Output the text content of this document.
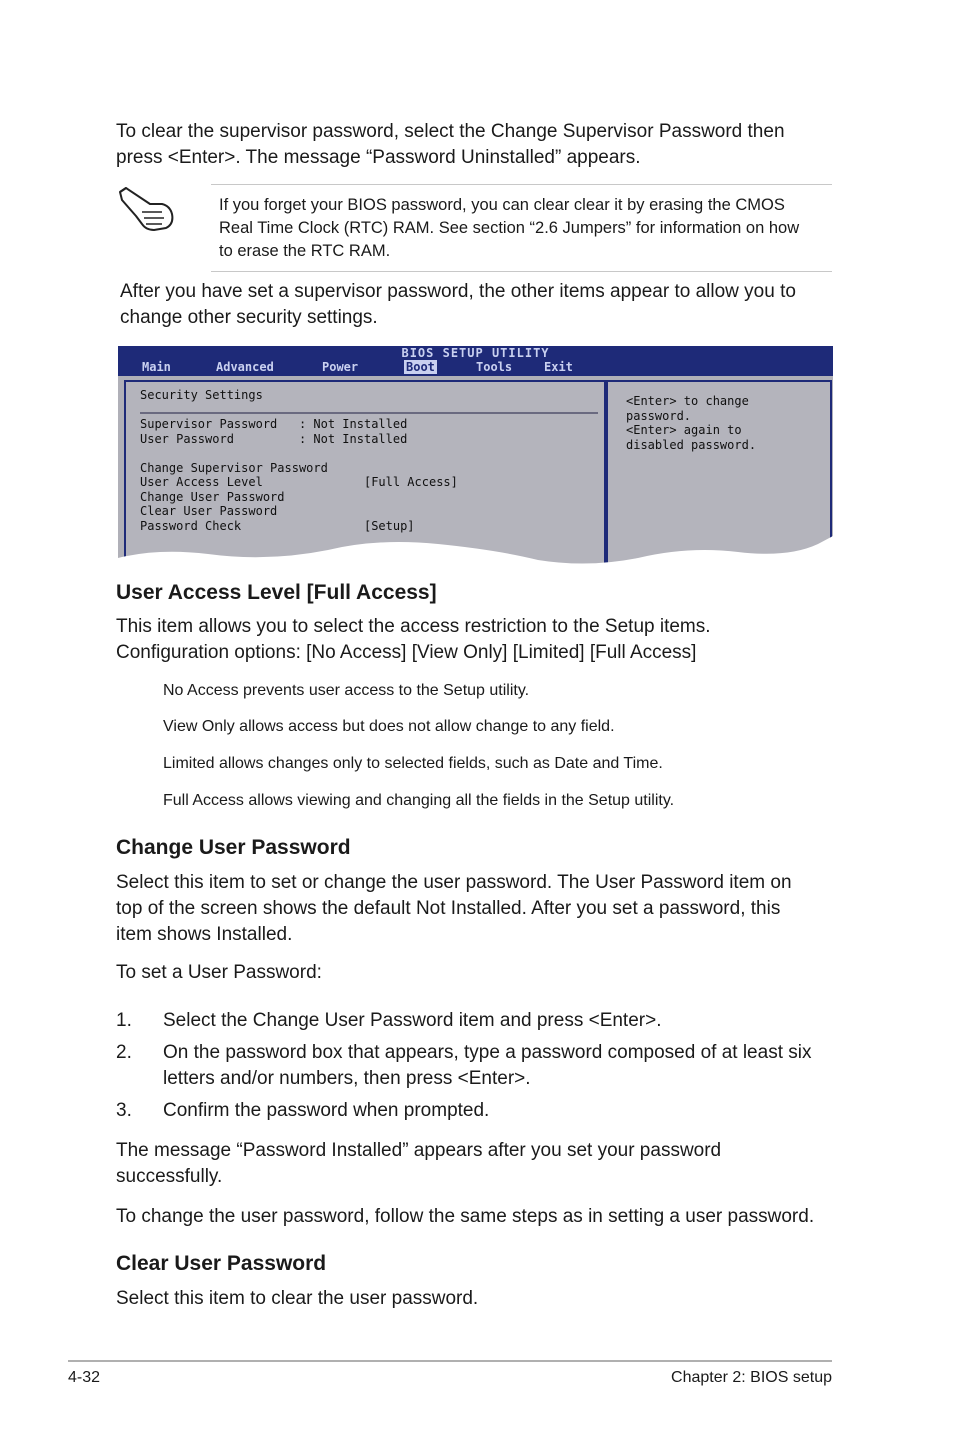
To clear the supervisor password, select the Change Supervisor Password then

press <Enter>. The message “Password Uninstalled” appears.

If you forget your BIOS password, you can clear clear it by erasing the CMOS
Real Time Clock (RTC) RAM. See section “2.6 Jumpers” for information on how
to erase the RTC RAM.

After you have set a supervisor password, the other items appear to allow you to

change other security settings.

BIOS SETUP UTILITY
Main	Advanced	Power	Boot	Tools	Exit

Security Settings

Supervisor Password   : Not Installed

User Password         : Not Installed

Change Supervisor Password

User Access Level              [Full Access]

Change User Password

Clear User Password

Password Check                 [Setup]

<Enter> to change

password.

<Enter> again to

disabled password.

User Access Level [Full Access]

This item allows you to select the access restriction to the Setup items.

Configuration options: [No Access] [View Only] [Limited] [Full Access]

No Access prevents user access to the Setup utility.

View Only allows access but does not allow change to any field.

Limited allows changes only to selected fields, such as Date and Time.

Full Access allows viewing and changing all the fields in the Setup utility.

Change User Password

Select this item to set or change the user password. The User Password item on

top of the screen shows the default Not Installed. After you set a password, this

item shows Installed.

To set a User Password:

1. Select the Change User Password item and press <Enter>.

2. On the password box that appears, type a password composed of at least six

letters and/or numbers, then press <Enter>.

3. Confirm the password when prompted.

The message “Password Installed” appears after you set your password

successfully.

To change the user password, follow the same steps as in setting a user password.

Clear User Password

Select this item to clear the user password.

4-32	Chapter 2: BIOS setup
